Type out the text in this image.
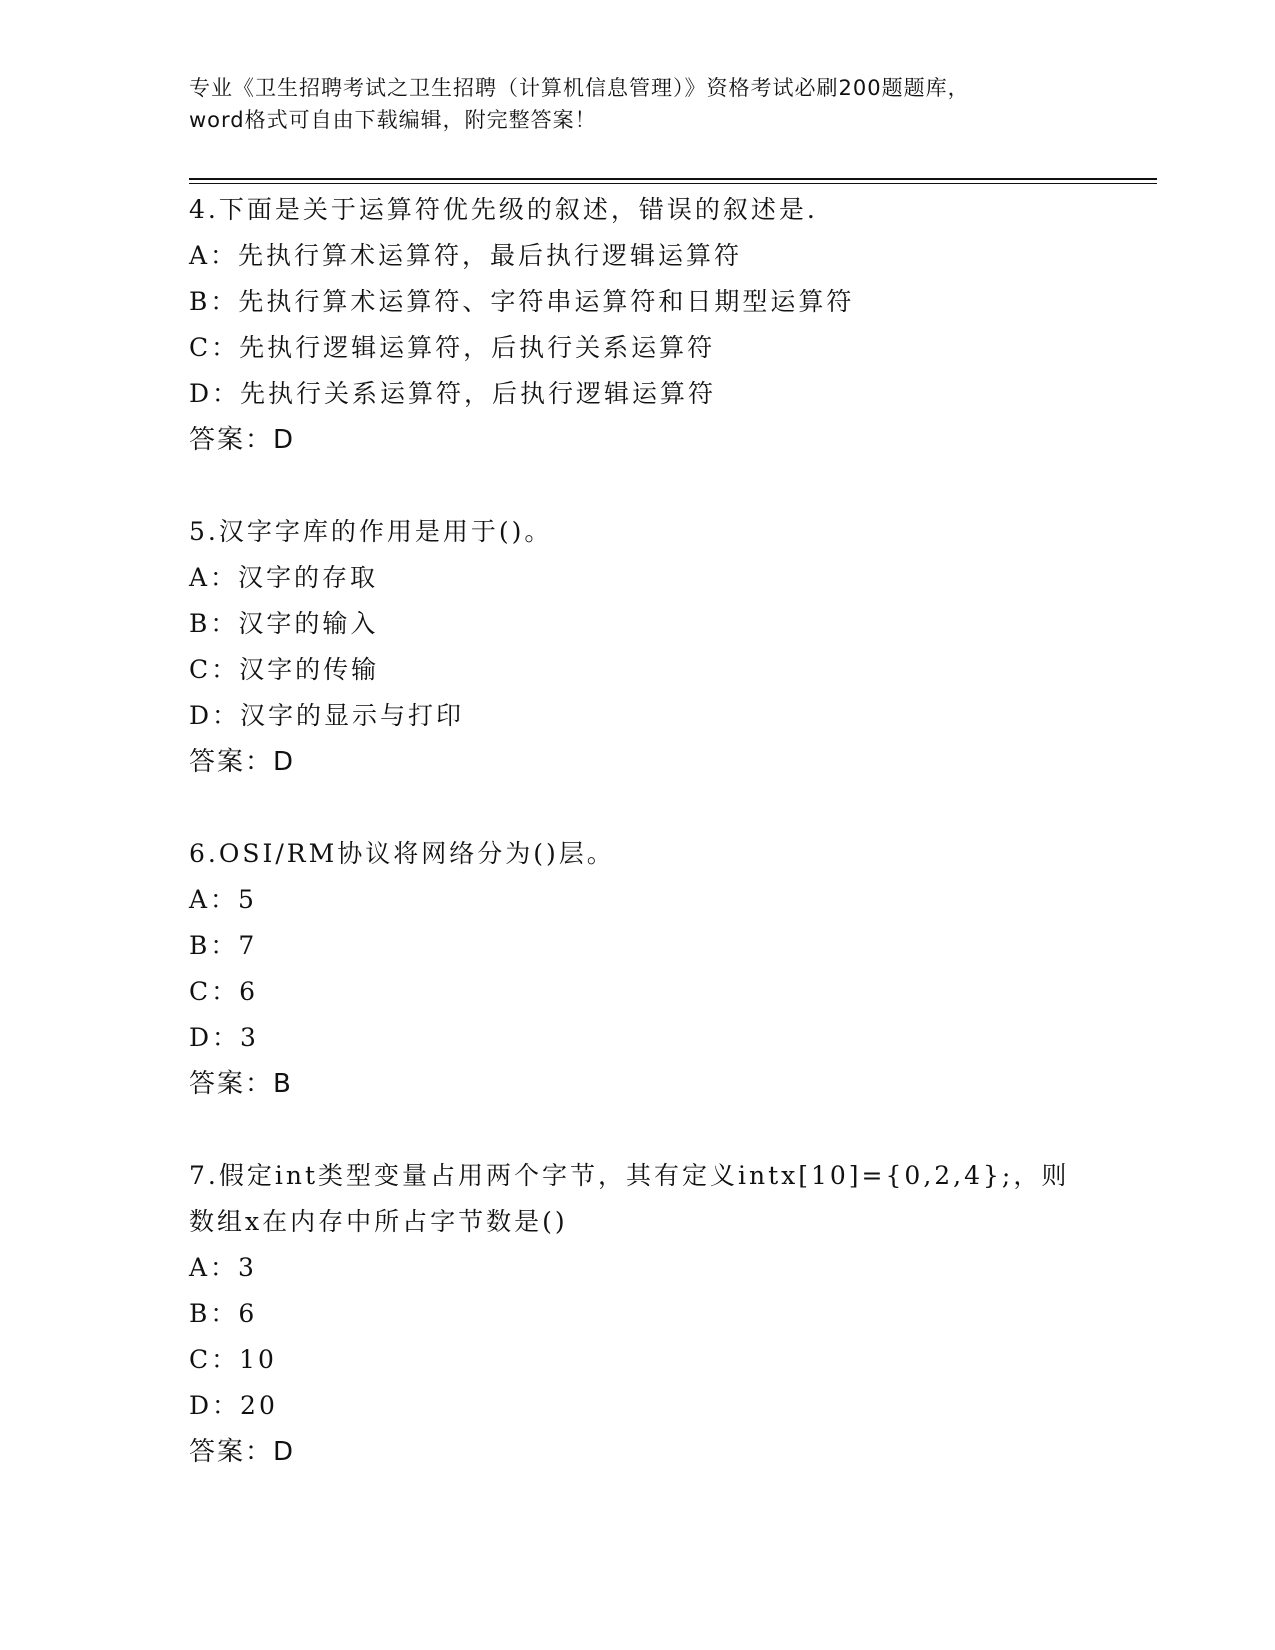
专业《卫生招聘考试之卫生招聘（计算机信息管理）》资格考试必刷200题题库，
word格式可自由下载编辑，附完整答案！
4.下面是关于运算符优先级的叙述，错误的叙述是.
A：先执行算术运算符，最后执行逻辑运算符
B：先执行算术运算符、字符串运算符和日期型运算符
C：先执行逻辑运算符，后执行关系运算符
D：先执行关系运算符，后执行逻辑运算符
答案：D
5.汉字字库的作用是用于()。
A：汉字的存取
B：汉字的输入
C：汉字的传输
D：汉字的显示与打印
答案：D
6.OSI/RM协议将网络分为()层。
A：5
B：7
C：6
D：3
答案：B
7.假定int类型变量占用两个字节，其有定义intx[10]={0,2,4};，则
数组x在内存中所占字节数是()
A：3
B：6
C：10
D：20
答案：D
